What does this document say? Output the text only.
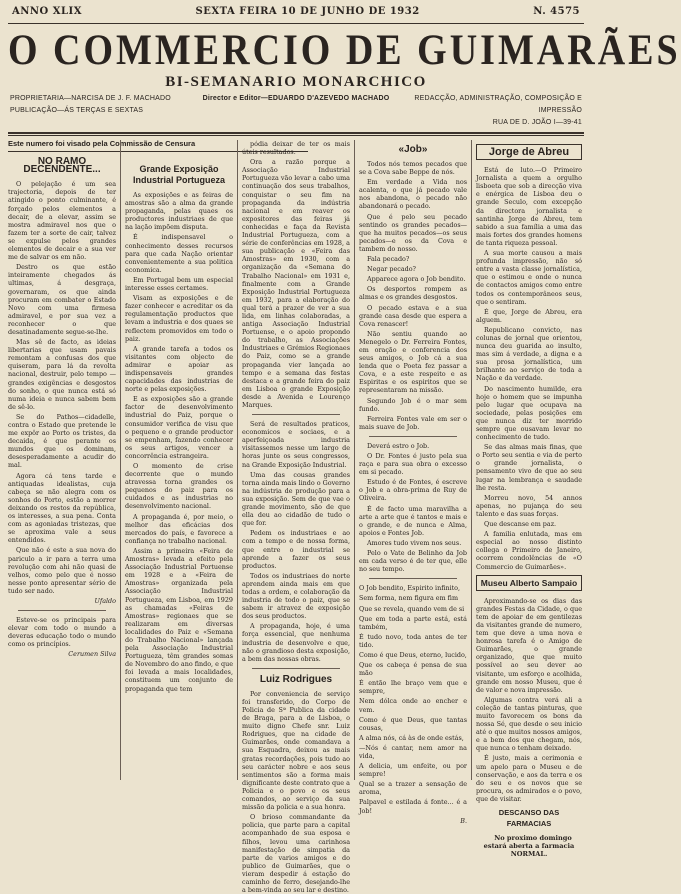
ANNO XLIX	SEXTA FEIRA 10 DE JUNHO DE 1932	N. 4575
O COMMERCIO DE GUIMARÃES
BI-SEMANARIO MONARCHICO
PROPRIETARIA—NARCISA DE J. F. MACHADO
PUBLICAÇÃO—ÁS TERÇAS E SEXTAS
Director e Editor—EDUARDO D'AZEVEDO MACHADO	REDACÇÃO, ADMINISTRAÇÃO, COMPOSIÇÃO E IMPRESSÃO
RUA DE D. JOÃO I—39-41
Este numero foi visado pela Commissão de Censura
NO RAMO DECENDENTE...

O pelejação é um sea trajectoria, depois de ter atingido o ponto culminante, é forçado pelos elementos a decair, de a elevar, assim se mostra admiravel nos que o fazem ter a sorte de cair, talvez se expulse pelos grandes elementos de decair e a sua ver me de salvar os em não.

Destro os que estão inteiramente chegados ás ultimas, á desgraça, governaram, os que ainda procuram em combater o Estado Novo com uma firmesa admiravel, e por sua vez a reconhecer o que desatinadamente segue-se-lhe.

Mas sê de facto, as ideias libertarias que usam pavais remontam a confusas dos que quiseram, para lá da revolta nacional, destruir, pelo tempo — grandes exigências e desgostos do sonho, o que nunca está só numa ideia e nunca sabem bem de sê-lo.

Se do Pathos—cidadelle, contra o Estado que pretende le me expôr ao Porto os tristes, da decaida, é que perante os mundos que os dominam, desesperadamente a acudir do mal.

Agora cá tens tarde e antiquadas idealistas, cuja cabeça se não alegra com os sonhos do Porto, estão a morrer deixando os restos da república, os interesses, a sua pena. Conta com as agoniadas tristezas, que se aproxima vale a seus entendidos.

Que não é este a sua nova do pariculo a ir para a terra uma revolução com ahi não quasi de velhos, como pelo que é nosso nesse ponto apresentar sério de tudo ser nado.

Ufaldo

Esteve-se os principais para elevar com todo o mundo a deveras educação todo o mundo como os princípios.

Cerumen Silva
Grande Exposição Industrial Portugueza

As exposições e as feiras de amostras são a alma da grande propaganda, pelas quaes os productores industriaes de que na lação impõem disputa.

É indispensavel o conhecimento desses recursos para que cada Nação orientar convenientemente a sua politica economica.

Em Portugal bem um especial interesse esses certames.

Visam as exposições e de fazer conhecer e acreditar os da regulamentação productos que levam a industria e dos quaes se reflectem promovidos em todo o paiz.

A grande tarefa a todos os visitantes com objecto de admirar e apoiar as indispensaveis grandes capacidades das industrias de norte e pelas exposições.

E as exposições são a grande factor de desenvolvimento industrial do Paiz, porque o consumidor verifica de visu que o pequeno e o grande productor se empenham, fazendo conhecer os seus artigos, vencer a concorrência estrangeira.

O momento de crise decorrente que o mundo atravessa torna grandes os pequenos do paiz para os cuidados e as industrias no desenvolvimento nacional.

A propaganda é, por meio, o melhor das eficácias dos mercados do país, e favorece a confiança no trabalho nacional.

Assim a primeira «Feira de Amostras» levada a efeito pela Associação Industrial Portuense em 1928 e a «Feira de Amostras» organizada pela Associação Industrial Portugueza, em Lisboa, em 1929 as chamadas «Feiras de Amostras» regionaes que se realizaram em diversas localidades do Paiz e «Semana do Trabalho Nacional» lançada pela Associação Industrial Portugueza, têm grandes somas de Novembro do ano findo, e que foi levada a mais localidades, constituem um conjunto de propaganda que tem

pódia deixar de ter os mais úteis resultados.

Ora a razão porque a Associação Industrial Portugueza vão levar a cabo uma continuação dos seus trabalhos, conquistar o seu fim na propaganda da indústria nacional e em reaver os expositores das feiras já conhecidas e faça da Revista Industrial Portugueza, com a série de conferências em 1928, a sua publicação e «Feira das Amostras» em 1930, com a organização da «Semana do Trabalho Nacional» em 1931 e, finalmente com a Grande Exposição Industrial Portugueza em 1932, para a elaboração do qual terá a prazer de ver a sua lida, em linhas colaboradas, a antiga Associação Industrial Portuense, e o apoio propondo do trabalho, as Associações Industriaes e Grémios Regionaes do Paiz, como se a grande propaganda vier lançada ao tempo e a semana das festas destaca e a grande feira do paiz em Lisboa o grande Exposição desde a Avenida e Lourenço Marques.

Será de resultados praticos, economicos e sociaes, e a aperfeiçoada industria visitassemos nesse um largo de horas junte os seus congressos, na Grande Exposição Industrial.

Uma das cousas grandes torna ainda mais lindo o Governo na indústria de produção para a sua exposição. Sem de que vae o grande movimento, são de que ella deu ao cidadão de tudo o que for.

Pedem os industriaes e ao com a tempo e de nossa forma, que entre o industrial se aprende a fazer os seus productos.

Todos os industriaes do norte aprendem ainda mais em que todas a ordem, e colaboração da industria de todo o paiz, que se sabem ir atravez de exposição dos seus productos.

A propaganda, hoje, é uma força essencial, que nenhuma industria de desenvolve e que, não o grandioso desta exposição, a bem das nossas obras.

Luiz Rodrigues

Por conveniencia de serviço foi transferido, do Corpo de Policia de Sª Publica da cidade de Braga, para a de Lisboa, o muito digno Chefe snr. Luiz Rodrigues, que na cidade de Guimarães, onde comandava a sua Esquadra, deixou as mais gratas recordações, pois tudo ao seu carácter nobre e aos seus sentimentos são a forma mais dignificante deste contrato que a Policia e o povo e os seus comandos, ao serviço da sua missão da policia e a sua honra.

O brioso commandante da policia, que parte para a capital acompanhado de sua esposa e filhos, levou uma carinhosa manifestação de simpatia da parte de varios amigos e do publico de Guimarães, que o vieram despedir á estação do caminho de ferro, desejando-lhe a bem-vinda ao seu lar e destino.

«Job»

Todos nós temos pecados que se a Cova sabe Beppe de nós.

Em verdade a Vida nos acalenta, o que já pecado vale nos abandona, o pecado não abandonará o pecado.

Que é pelo seu pecado sentindo os grandes pecados—que ha muitos pecados—os seus pecados—e os da Cova e tambem do nosso.

Fala pecado?

Negar pecado?

Apparece agora o Job bendito.

Os desportos rompem as almas e os grandes desgostos.

O pecado estava e a sua grande casa desde que espera a Cova renascer!

Não sentiu quando ao Menegelo o Dr. Ferreira Fontes, em oração e conferencia dos seus amigos, o Job cá a sua lenda que o Poeta fez passar a Cova, e a este respeito e as Espiritas e os espiritos que se representaram na missão.

Segundo Job é o mar sem fundo.

Ferreira Fontes vale em ser o mais suave de Job.

Deverá estro o Job.

O Dr. Fontes é justo pela sua raça e para sua obra o excesso em si pecado.

Estudo é de Fontes, é escreve o Job e a obra-prima de Ruy de Oliveira.

É de facto uma maravilha a arte a arte que é tantos e mais e o grande, e de nunca e Alma, apoios e Fontes Job.

Amores tudo vivem nos seus.

Pelo o Vate de Belinho da Job em cada verso é de ter que, elle no seu tempo.

O Job bendito, Espirito infinito,

Sem forma, nem figura em fim

Que se revela, quando vem de si

Que em toda a parte está, está também,

É tudo novo, toda antes de ter tido.

Como é que Deus, eterno, lucido,

Que os cabeça é pensa de sua mão

É então lhe braço vem que e sempre,

Nem dólca onde ao encher e vem.

Como é que Deus, que tantas cousas,

A alma nós, cá às de onde estás,

—Nós é cantar, nem amor na vida,

A delicia, um enfeite, ou por sempre!

Qual se a trazer a sensação de aroma,

Palpavel e estilada á fonte... é a Job!

B.
Jorge de Abreu

Está de luto.—O Primeiro Jornalista a quem a orgulho lisboeta que sob a direcção viva e enérgica de Lisboa deu o grande Seculo, com excepção da directora jornalista e santinha Jorge de Abreu, tem sabido a sua família a uma das mais fortes dos grandes homens de tanta riqueza pessoal.

A sua morte causou a mais profunda impressão, não só entre a vasta classe jornalística, que o estimou e onde o nunca de contactos amigos como entre todos os contemporâneos seus, que o sentiram.

É que, Jorge de Abreu, era alguem.

Republicano convicto, nas colunas de jornal que orientou, nunca deu guarida ao insulto, mas sim á verdade, a digna e a sua prosa jornalística, um brilhante ao serviço de toda a Nação e da verdade.

Do nascimento humilde, era hoje o homem que se impunha pelo lugar que ocupava na sociedade, pelas posições em que nunca diz ter morrido sempre que ousavam levar no conhecimento de tudo.

Se das almas mais finas, que o Porto seu sentia e via de perto o grande jornalista, o pensamento vivo de que ao seu lugar na lembrança e saudade lhe resta.

Morreu novo, 54 annos apenas, no pujança do seu talento e das suas forças.

Que descanse em paz.

A familia enlutada, mas em especial ao nosso distinto collega o Primeiro de Janeiro, ocorrem condolências de «O Commercio de Guimarães».

Museu Alberto Sampaio

Aproximando-se os dias das grandes Festas da Cidade, o que tem de apoiar de em gentilezas da visitantes grande de numero, tem que deve a uma nova e honrosa tarefa é o Amigo de Guimarães, o grande organizado, que que muito possível ao seu dever ao visitante, um esforço e acolhida, grande em nosso Museu, que é de valor e nova impressão.

Algumas contra verá ali a coleção de tantas pinturas, que muito favorecem os bons da nossa Sé, que desde o seu inicio até o que muitos nossos amigos, e a bem dos que chegam, nós, que nunca o tenham deixado.

É justo, mais a cerimonia e um apelo para o Museu e de conservação, e aos da terra e os do seu e os novos que se procura, os admirados e o povo, que de visitar.

DESCANSO DAS FARMACIAS

No proximo domingo estará aberta a farmacia NORMAL.
